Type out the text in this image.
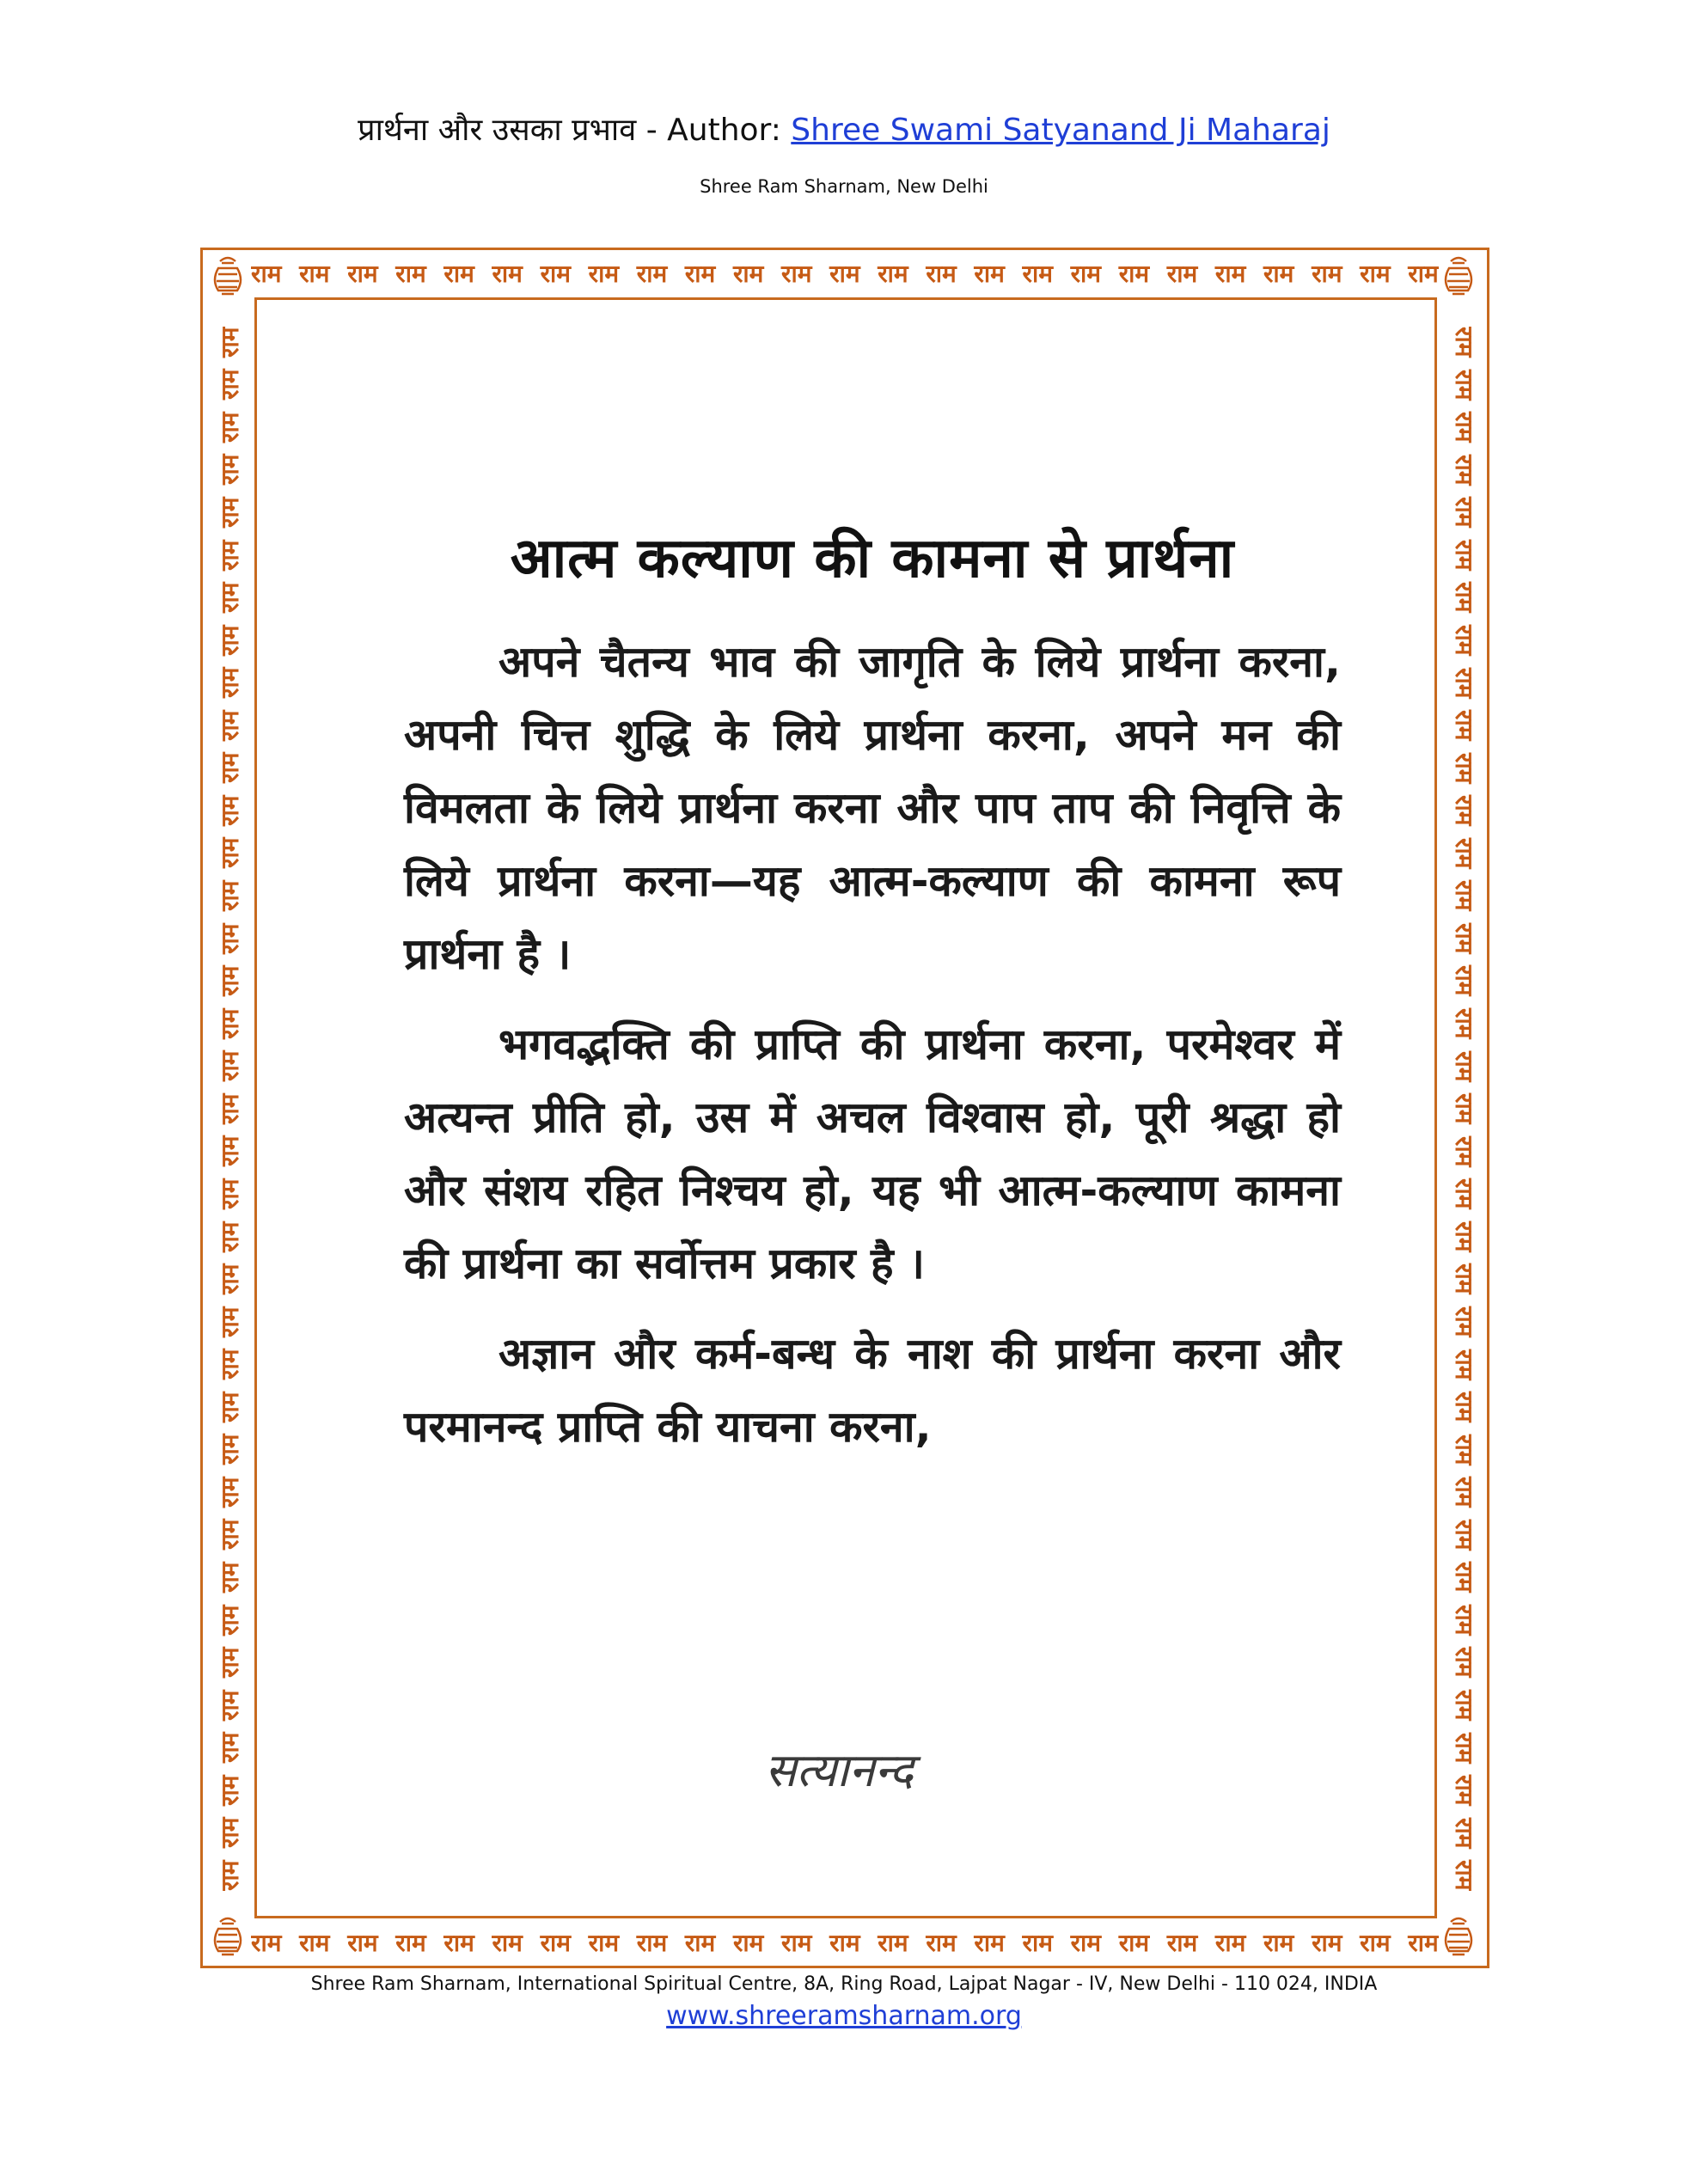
प्रार्थना और उसका प्रभाव - Author: Shree Swami Satyanand Ji Maharaj
Shree Ram Sharnam, New Delhi
राम राम राम राम राम राम राम राम राम राम राम राम राम राम राम राम राम राम राम राम राम राम राम राम राम
राम राम राम राम राम राम राम राम राम राम राम राम राम राम राम राम राम राम राम राम राम राम राम राम राम
राम
राम
राम
राम
राम
राम
राम
राम
राम
राम
राम
राम
राम
राम
राम
राम
राम
राम
राम
राम
राम
राम
राम
राम
राम
राम
राम
राम
राम
राम
राम
राम
राम
राम
राम
राम
राम	राम
राम
राम
राम
राम
राम
राम
राम
राम
राम
राम
राम
राम
राम
राम
राम
राम
राम
राम
राम
राम
राम
राम
राम
राम
राम
राम
राम
राम
राम
राम
राम
राम
राम
राम
राम
राम
आत्म कल्याण की कामना से प्रार्थना

अपने चैतन्य भाव की जागृति के लिये प्रार्थना करना, अपनी चित्त शुद्धि के लिये प्रार्थना करना, अपने मन की विमलता के लिये प्रार्थना करना और पाप ताप की निवृत्ति के लिये प्रार्थना करना—यह आत्म-कल्याण की कामना रूप प्रार्थना है ।

भगवद्भक्ति की प्राप्ति की प्रार्थना करना, परमेश्वर में अत्यन्त प्रीति हो, उस में अचल विश्वास हो, पूरी श्रद्धा हो और संशय रहित निश्चय हो, यह भी आत्म-कल्याण कामना की प्रार्थना का सर्वोत्तम प्रकार है ।

अज्ञान और कर्म-बन्ध के नाश की प्रार्थना करना और परमानन्द प्राप्ति की याचना करना,

सत्यानन्द
Shree Ram Sharnam, International Spiritual Centre, 8A, Ring Road, Lajpat Nagar - IV, New Delhi - 110 024, INDIA
www.shreeramsharnam.org
